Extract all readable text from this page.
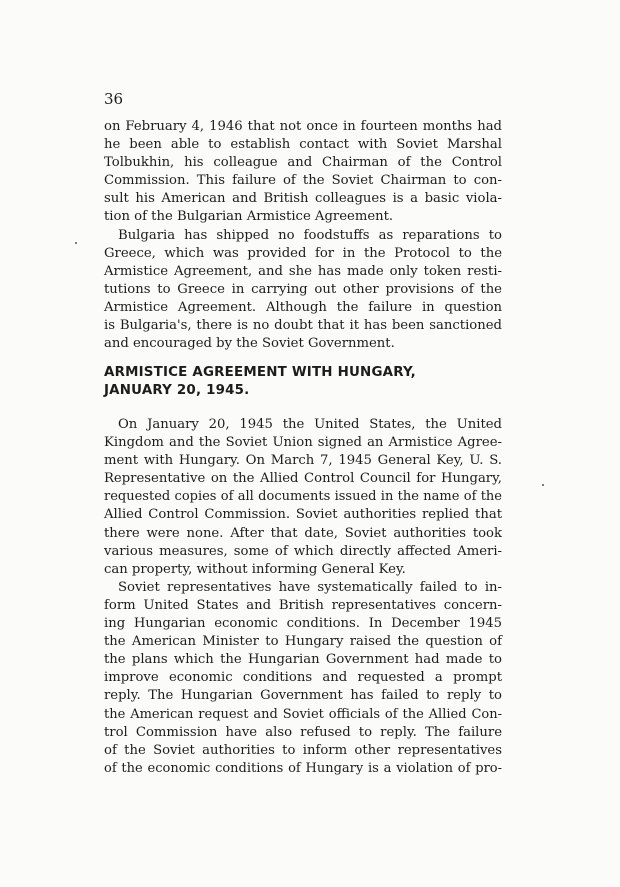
36

on February 4, 1946 that not once in fourteen months had
he been able to establish contact with Soviet Marshal
Tolbukhin, his colleague and Chairman of the Control
Commission. This failure of the Soviet Chairman to con-
sult his American and British colleagues is a basic viola-
tion of the Bulgarian Armistice Agreement.
Bulgaria has shipped no foodstuffs as reparations to
Greece, which was provided for in the Protocol to the
Armistice Agreement, and she has made only token resti-
tutions to Greece in carrying out other provisions of the
Armistice Agreement. Although the failure in question
is Bulgaria's, there is no doubt that it has been sanctioned
and encouraged by the Soviet Government.
ARMISTICE AGREEMENT WITH HUNGARY,
JANUARY 20, 1945.
On January 20, 1945 the United States, the United
Kingdom and the Soviet Union signed an Armistice Agree-
ment with Hungary. On March 7, 1945 General Key, U. S.
Representative on the Allied Control Council for Hungary,
requested copies of all documents issued in the name of the
Allied Control Commission. Soviet authorities replied that
there were none. After that date, Soviet authorities took
various measures, some of which directly affected Ameri-
can property, without informing General Key.
Soviet representatives have systematically failed to in-
form United States and British representatives concern-
ing Hungarian economic conditions. In December 1945
the American Minister to Hungary raised the question of
the plans which the Hungarian Government had made to
improve economic conditions and requested a prompt
reply. The Hungarian Government has failed to reply to
the American request and Soviet officials of the Allied Con-
trol Commission have also refused to reply. The failure
of the Soviet authorities to inform other representatives
of the economic conditions of Hungary is a violation of pro-
